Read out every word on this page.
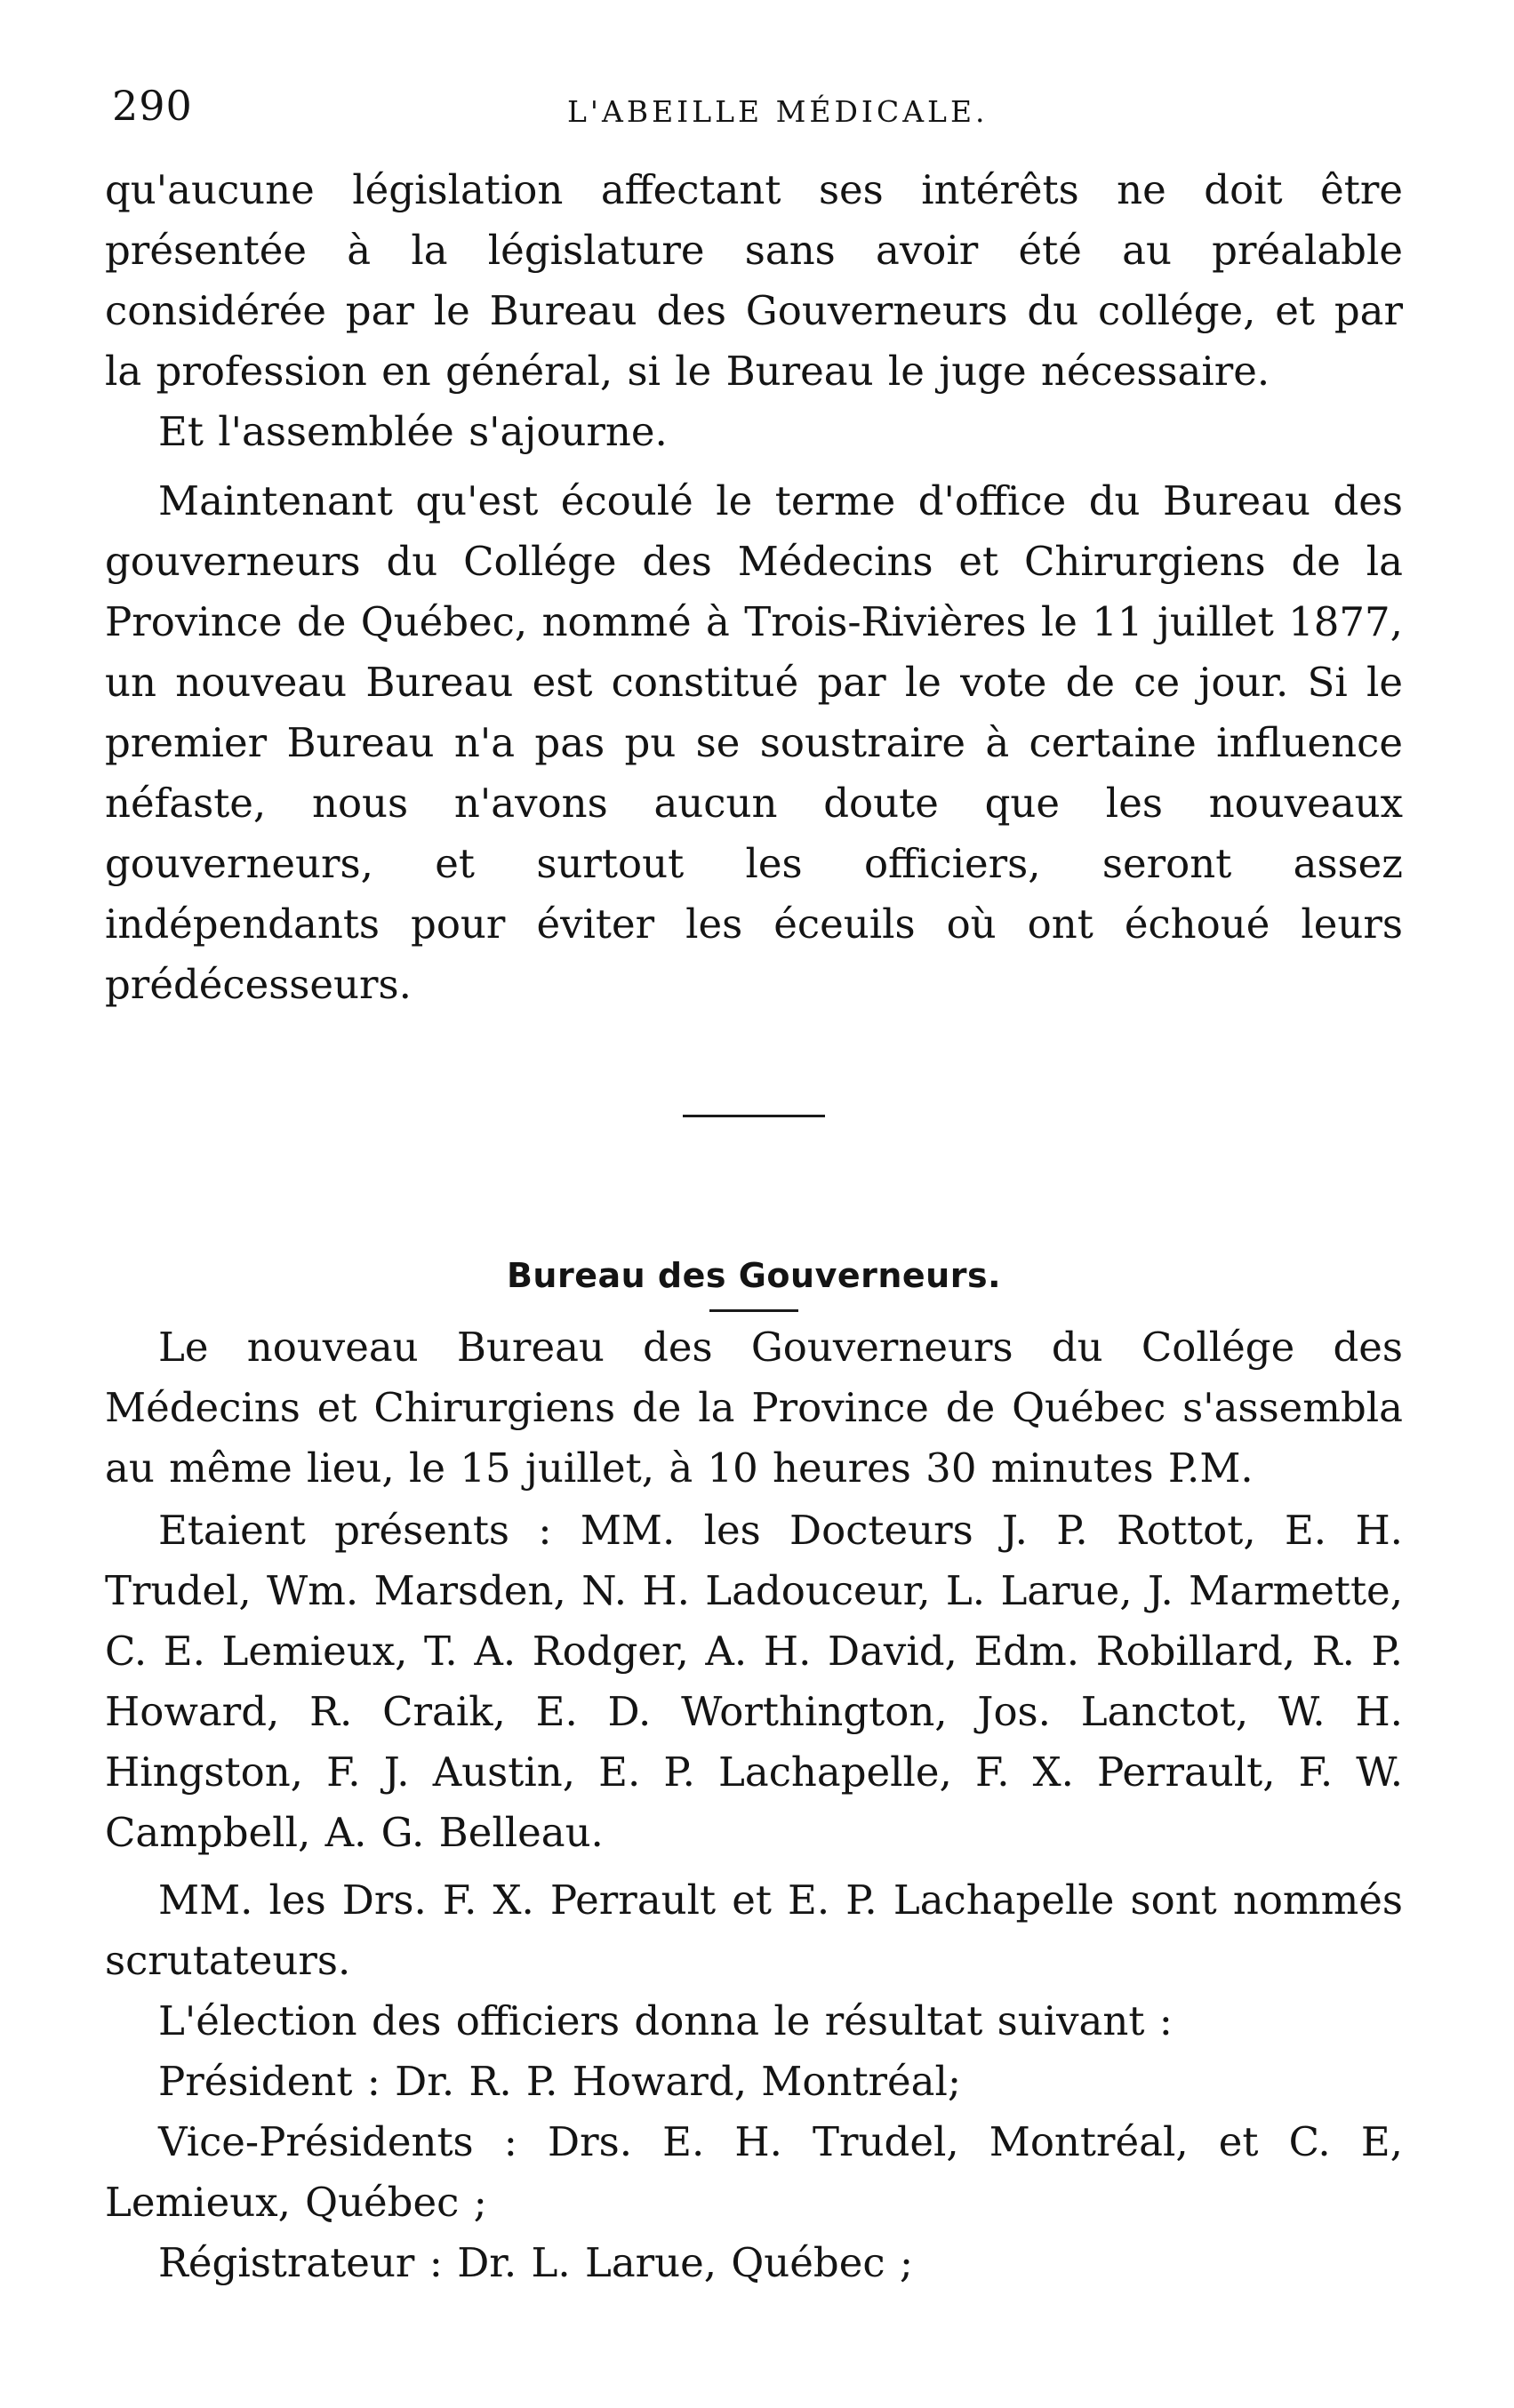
290	L'ABEILLE MÉDICALE.

qu'aucune législation affectant ses intérêts ne doit être présentée à la législature sans avoir été au préalable considérée par le Bureau des Gouverneurs du collége, et par la profession en général, si le Bureau le juge nécessaire.

Et l'assemblée s'ajourne.

Maintenant qu'est écoulé le terme d'office du Bureau des gouverneurs du Collége des Médecins et Chirurgiens de la Province de Québec, nommé à Trois-Rivières le 11 juillet 1877, un nouveau Bureau est constitué par le vote de ce jour. Si le premier Bureau n'a pas pu se soustraire à certaine influence néfaste, nous n'avons aucun doute que les nouveaux gouverneurs, et surtout les officiers, seront assez indépendants pour éviter les éceuils où ont échoué leurs prédécesseurs.

Bureau des Gouverneurs.

Le nouveau Bureau des Gouverneurs du Collége des Médecins et Chirurgiens de la Province de Québec s'assembla au même lieu, le 15 juillet, à 10 heures 30 minutes P.M.

Etaient présents : MM. les Docteurs J. P. Rottot, E. H. Trudel, Wm. Marsden, N. H. Ladouceur, L. Larue, J. Marmette, C. E. Lemieux, T. A. Rodger, A. H. David, Edm. Robillard, R. P. Howard, R. Craik, E. D. Worthington, Jos. Lanctot, W. H. Hingston, F. J. Austin, E. P. Lachapelle, F. X. Perrault, F. W. Campbell, A. G. Belleau.

MM. les Drs. F. X. Perrault et E. P. Lachapelle sont nommés scrutateurs.

L'élection des officiers donna le résultat suivant :

Président : Dr. R. P. Howard, Montréal;

Vice-Présidents : Drs. E. H. Trudel, Montréal, et C. E, Lemieux, Québec ;

Régistrateur : Dr. L. Larue, Québec ;
